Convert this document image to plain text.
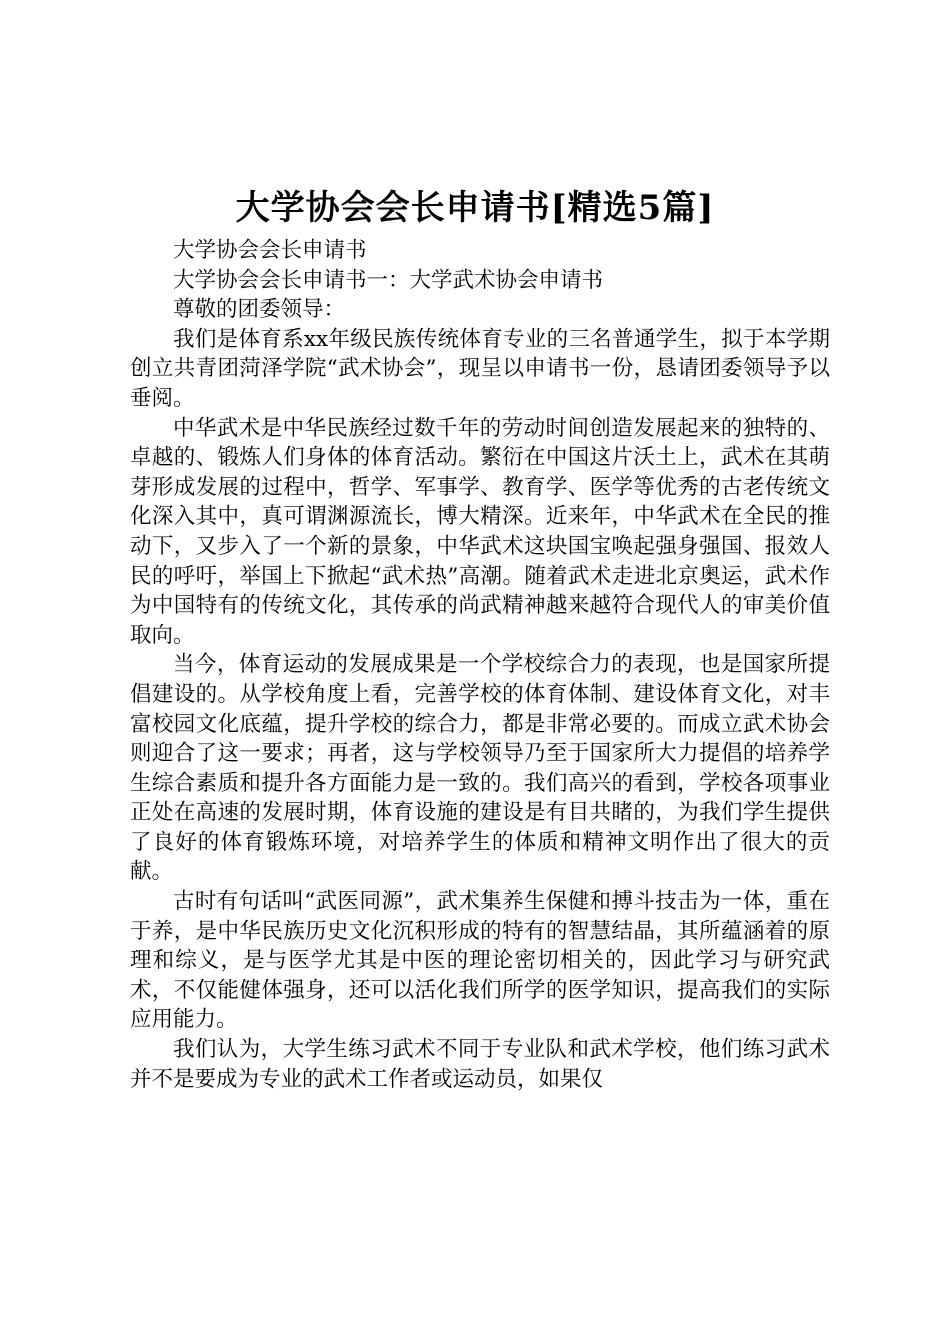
大学协会会长申请书[精选5篇]

大学协会会长申请书

大学协会会长申请书一：大学武术协会申请书

尊敬的团委领导：

我们是体育系xx年级民族传统体育专业的三名普通学生，拟于本学期创立共青团菏泽学院“武术协会”，现呈以申请书一份，恳请团委领导予以垂阅。

中华武术是中华民族经过数千年的劳动时间创造发展起来的独特的、卓越的、锻炼人们身体的体育活动。繁衍在中国这片沃土上，武术在其萌芽形成发展的过程中，哲学、军事学、教育学、医学等优秀的古老传统文化深入其中，真可谓渊源流长，博大精深。近来年，中华武术在全民的推动下，又步入了一个新的景象，中华武术这块国宝唤起强身强国、报效人民的呼吁，举国上下掀起“武术热”高潮。随着武术走进北京奥运，武术作为中国特有的传统文化，其传承的尚武精神越来越符合现代人的审美价值取向。

当今，体育运动的发展成果是一个学校综合力的表现，也是国家所提倡建设的。从学校角度上看，完善学校的体育体制、建设体育文化，对丰富校园文化底蕴，提升学校的综合力，都是非常必要的。而成立武术协会则迎合了这一要求；再者，这与学校领导乃至于国家所大力提倡的培养学生综合素质和提升各方面能力是一致的。我们高兴的看到，学校各项事业正处在高速的发展时期，体育设施的建设是有目共睹的，为我们学生提供了良好的体育锻炼环境，对培养学生的体质和精神文明作出了很大的贡献。

古时有句话叫“武医同源”，武术集养生保健和搏斗技击为一体，重在于养，是中华民族历史文化沉积形成的特有的智慧结晶，其所蕴涵着的原理和综义，是与医学尤其是中医的理论密切相关的，因此学习与研究武术，不仅能健体强身，还可以活化我们所学的医学知识，提高我们的实际应用能力。

我们认为，大学生练习武术不同于专业队和武术学校，他们练习武术并不是要成为专业的武术工作者或运动员，如果仅
